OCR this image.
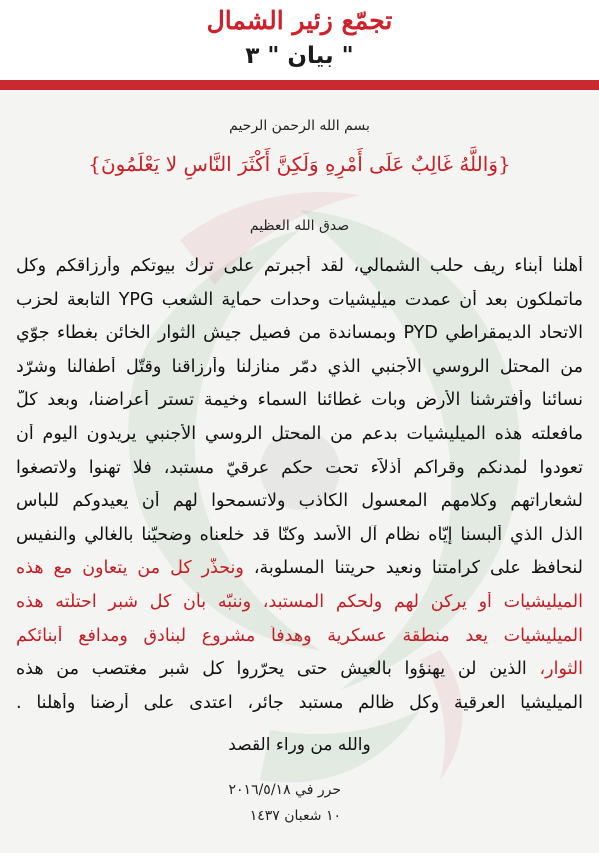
تجمّع زئير الشمال
بيان " ٣ "
بسم الله الرحمن الرحيم
{وَاللَّهُ غَالِبٌ عَلَى أَمْرِهِ وَلَكِنَّ أَكْثَرَ النَّاسِ لا يَعْلَمُونَ}
صدق الله العظيم
أهلنا أبناء ريف حلب الشمالي، لقد أجبرتم على ترك بيوتكم وأرزاقكم وكل
ماتملكون بعد أن عمدت ميليشيات وحدات حماية الشعب YPG التابعة لحزب
الاتحاد الديمقراطي PYD وبمساندة من فصيل جيش الثوار الخائن بغطاء جوّي
من المحتل الروسي الأجنبي الذي دمّر منازلنا وأرزاقنا وقتّل أطفالنا وشرّد
نسائنا وأفترشنا الأرض وبات غطائنا السماء وخيمة تستر أعراضنا، وبعد كلّ
مافعلته هذه الميليشيات بدعم من المحتل الروسي الأجنبي يريدون اليوم أن
تعودوا لمدنكم وقراكم أذلاّء تحت حكم عرقيّ مستبد، فلا تهنوا ولاتصغوا
لشعاراتهم وكلامهم المعسول الكاذب ولاتسمحوا لهم أن يعيدوكم للباس
الذل الذي ألبسنا إيّاه نظام آل الأسد وكنّا قد خلعناه وضحيّنا بالغالي والنفيس
لنحافظ على كرامتنا ونعيد حريتنا المسلوبة، ونحذّر كل من يتعاون مع هذه
الميليشيات أو يركن لهم ولحكم المستبد، وننبّه بأن كل شبر احتلّته هذه
الميليشيات يعد منطقة عسكرية وهدفاً مشروع لبنادق ومدافع أبنائكم
الثوار، الذين لن يهنؤوا بالعيش حتى يحرّروا كل شبر مغتصب من هذه
الميليشيا العرقية وكل ظالم مستبد جائر، اعتدى على أرضنا وأهلنا .
والله من وراء القصد
حرر في ٢٠١٦/٥/١٨
١٠ شعبان ١٤٣٧
